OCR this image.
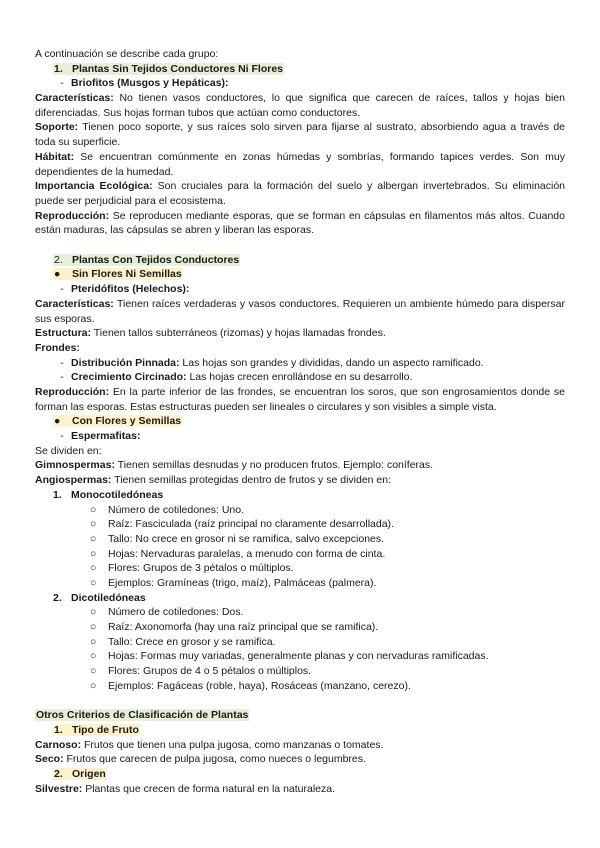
A continuación se describe cada grupo:
1. Plantas Sin Tejidos Conductores Ni Flores
- Briofitos (Musgos y Hepáticas):
Características: No tienen vasos conductores, lo que significa que carecen de raíces, tallos y hojas bien diferenciadas. Sus hojas forman tubos que actúan como conductores.
Soporte: Tienen poco soporte, y sus raíces solo sirven para fijarse al sustrato, absorbiendo agua a través de toda su superficie.
Hábitat: Se encuentran comúnmente en zonas húmedas y sombrías, formando tapices verdes. Son muy dependientes de la humedad.
Importancia Ecológica: Son cruciales para la formación del suelo y albergan invertebrados. Su eliminación puede ser perjudicial para el ecosistema.
Reproducción: Se reproducen mediante esporas, que se forman en cápsulas en filamentos más altos. Cuando están maduras, las cápsulas se abren y liberan las esporas.
2. Plantas Con Tejidos Conductores
● Sin Flores Ni Semillas
- Pteridófitos (Helechos):
Características: Tienen raíces verdaderas y vasos conductores. Requieren un ambiente húmedo para dispersar sus esporas.
Estructura: Tienen tallos subterráneos (rizomas) y hojas llamadas frondes.
Frondes:
- Distribución Pinnada: Las hojas son grandes y divididas, dando un aspecto ramificado.
- Crecimiento Circinado: Las hojas crecen enrollándose en su desarrollo.
Reproducción: En la parte inferior de las frondes, se encuentran los soros, que son engrosamientos donde se forman las esporas. Estas estructuras pueden ser lineales o circulares y son visibles a simple vista.
● Con Flores y Semillas
- Espermafitas:
Se dividen en:
Gimnospermas: Tienen semillas desnudas y no producen frutos. Ejemplo: coníferas.
Angiospermas: Tienen semillas protegidas dentro de frutos y se dividen en:
1. Monocotiledóneas
○ Número de cotiledones: Uno.
○ Raíz: Fasciculada (raíz principal no claramente desarrollada).
○ Tallo: No crece en grosor ni se ramifica, salvo excepciones.
○ Hojas: Nervaduras paralelas, a menudo con forma de cinta.
○ Flores: Grupos de 3 pétalos o múltiplos.
○ Ejemplos: Gramíneas (trigo, maíz), Palmáceas (palmera).
2. Dicotiledóneas
○ Número de cotiledones: Dos.
○ Raíz: Axonomorfa (hay una raíz principal que se ramifica).
○ Tallo: Crece en grosor y se ramifica.
○ Hojas: Formas muy variadas, generalmente planas y con nervaduras ramificadas.
○ Flores: Grupos de 4 o 5 pétalos o múltiplos.
○ Ejemplos: Fagáceas (roble, haya), Rosáceas (manzano, cerezo).
Otros Criterios de Clasificación de Plantas
1. Tipo de Fruto
Carnoso: Frutos que tienen una pulpa jugosa, como manzanas o tomates.
Seco: Frutos que carecen de pulpa jugosa, como nueces o legumbres.
2. Origen
Silvestre: Plantas que crecen de forma natural en la naturaleza.
